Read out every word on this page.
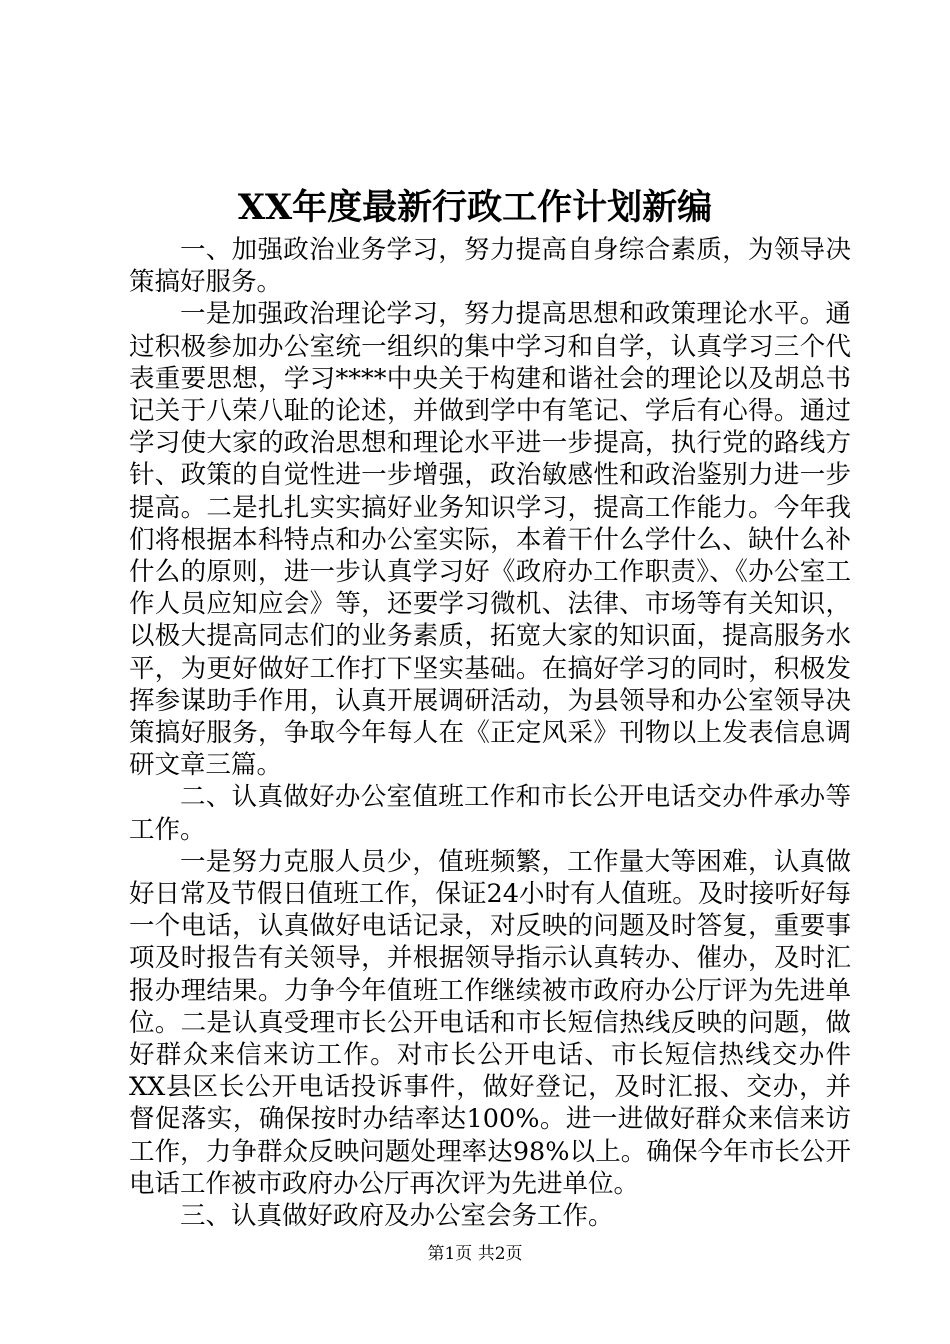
XX年度最新行政工作计划新编

一、加强政治业务学习，努力提高自身综合素质，为领导决策搞好服务。

一是加强政治理论学习，努力提高思想和政策理论水平。通过积极参加办公室统一组织的集中学习和自学，认真学习三个代表重要思想，学习****中央关于构建和谐社会的理论以及胡总书记关于八荣八耻的论述，并做到学中有笔记、学后有心得。通过学习使大家的政治思想和理论水平进一步提高，执行党的路线方针、政策的自觉性进一步增强，政治敏感性和政治鉴别力进一步提高。二是扎扎实实搞好业务知识学习，提高工作能力。今年我们将根据本科特点和办公室实际，本着干什么学什么、缺什么补什么的原则，进一步认真学习好《政府办工作职责》、《办公室工作人员应知应会》等，还要学习微机、法律、市场等有关知识，以极大提高同志们的业务素质，拓宽大家的知识面，提高服务水平，为更好做好工作打下坚实基础。在搞好学习的同时，积极发挥参谋助手作用，认真开展调研活动，为县领导和办公室领导决策搞好服务，争取今年每人在《正定风采》刊物以上发表信息调研文章三篇。

二、认真做好办公室值班工作和市长公开电话交办件承办等工作。

一是努力克服人员少，值班频繁，工作量大等困难，认真做好日常及节假日值班工作，保证24小时有人值班。及时接听好每一个电话，认真做好电话记录，对反映的问题及时答复，重要事项及时报告有关领导，并根据领导指示认真转办、催办，及时汇报办理结果。力争今年值班工作继续被市政府办公厅评为先进单位。二是认真受理市长公开电话和市长短信热线反映的问题，做好群众来信来访工作。对市长公开电话、市长短信热线交办件XX县区长公开电话投诉事件，做好登记，及时汇报、交办，并督促落实，确保按时办结率达100%。进一进做好群众来信来访工作，力争群众反映问题处理率达98%以上。确保今年市长公开电话工作被市政府办公厅再次评为先进单位。

三、认真做好政府及办公室会务工作。

第1页 共2页
